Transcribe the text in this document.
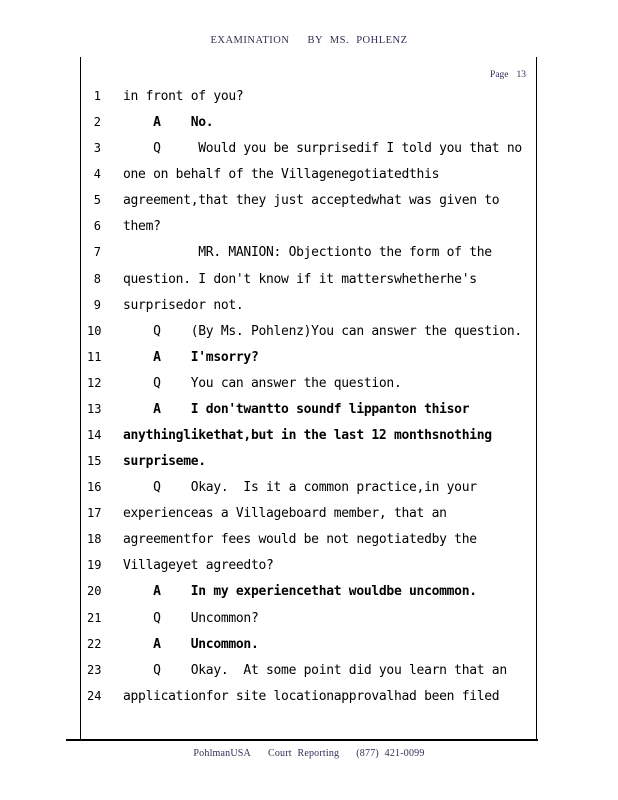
EXAMINATION BY MS. POHLENZ
Page 13
1 in front of you?
2 A    No.
3 Q     Would you be surprisedif I told you that no
4 one on behalf of the Villagenegotiatedthis
5 agreement,that they just acceptedwhat was given to
6 them?
7 MR. MANION: Objectionto the form of the
8 question. I don't know if it matterswhetherhe's
9 surprisedor not.
10 Q    (By Ms. Pohlenz)You can answer the question.
11 A    I'msorry?
12 Q    You can answer the question.
13 A    I don'twantto soundf lippanton thisor
14 anythinglikethat,but in the last 12 monthsnothing
15 surpriseme.
16 Q    Okay.  Is it a common practice,in your
17 experienceas a Villageboard member, that an
18 agreementfor fees would be not negotiatedby the
19 Villageyet agreedto?
20 A    In my experiencethat wouldbe uncommon.
21 Q    Uncommon?
22 A    Uncommon.
23 Q    Okay.  At some point did you learn that an
24 applicationfor site locationapprovalhad been filed
PohlmanUSA Court Reporting (877) 421-0099
